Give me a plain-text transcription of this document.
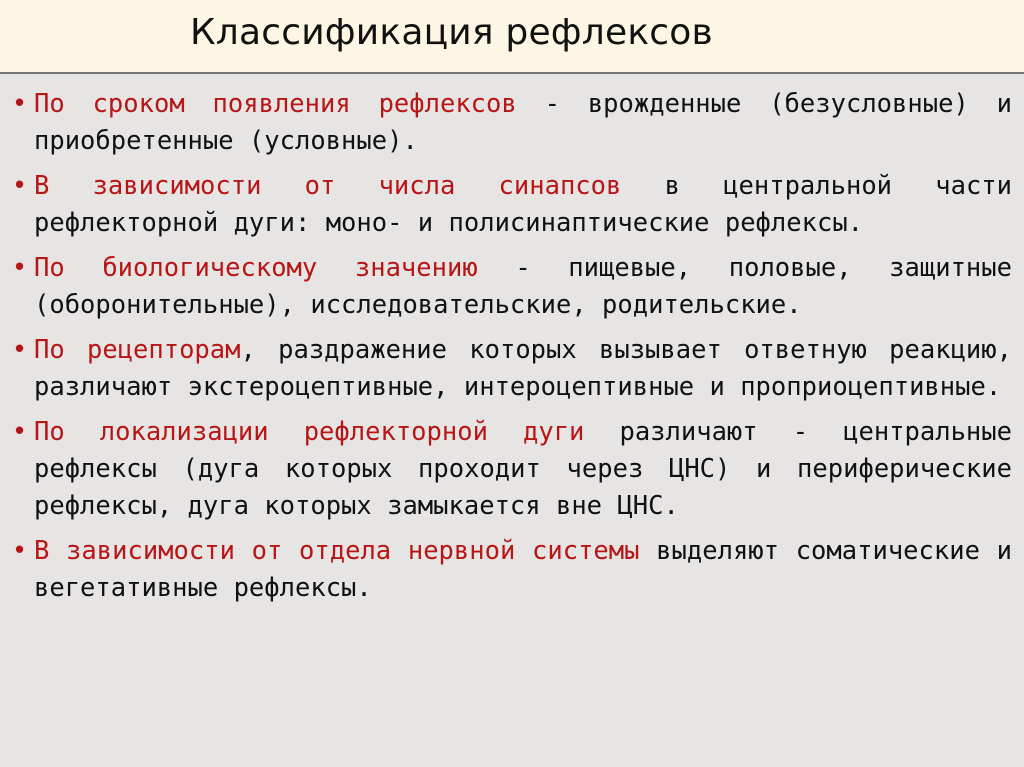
Классификация рефлексов
• По сроком появления рефлексов - врожденные (безусловные) и приобретенные (условные).
• В зависимости от числа синапсов в центральной части рефлекторной дуги: моно- и полисинаптические рефлексы.
• По биологическому значению - пищевые, половые, защитные (оборонительные), исследовательские, родительские.
• По рецепторам, раздражение которых вызывает ответную реакцию, различают экстероцептивные, интероцептивные и проприоцептивные.
• По локализации рефлекторной дуги различают - центральные рефлексы (дуга которых проходит через ЦНС) и периферические рефлексы, дуга которых замыкается вне ЦНС.
• В зависимости от отдела нервной системы выделяют соматические и вегетативные рефлексы.
